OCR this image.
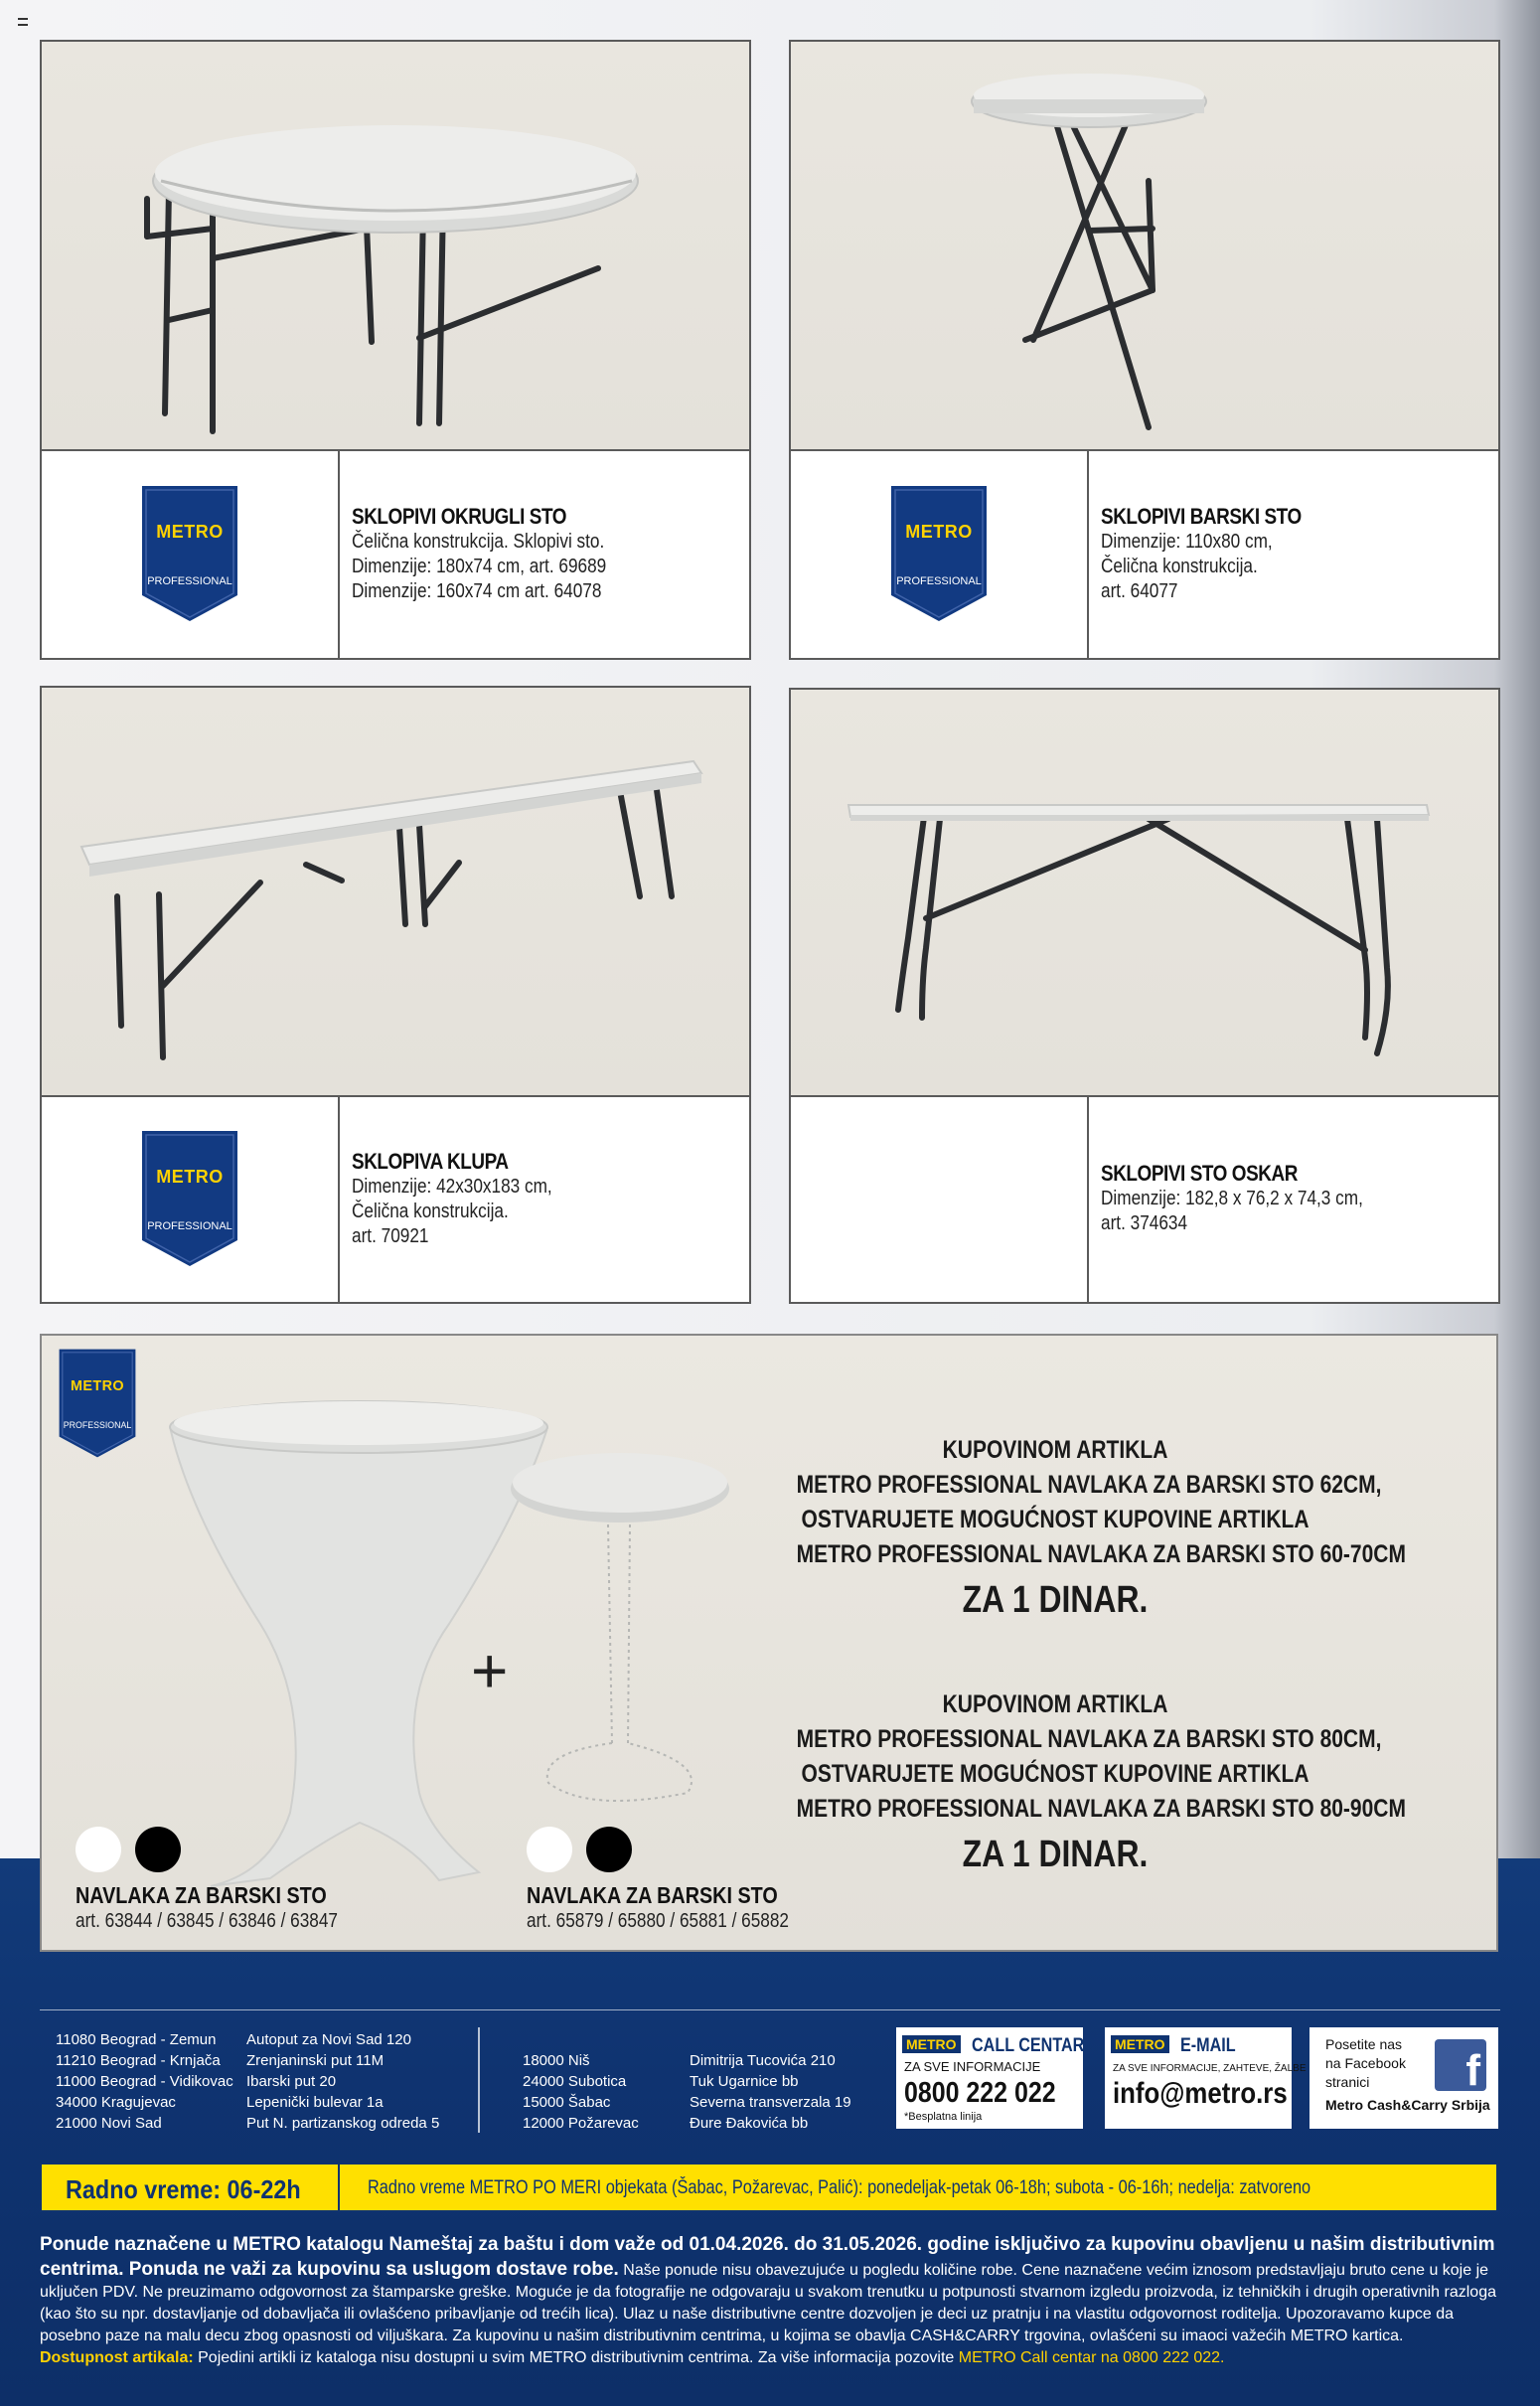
METRO
PROFESSIONAL
SKLOPIVI OKRUGLI STO
Čelična konstrukcija. Sklopivi sto.
Dimenzije: 180x74 cm, art. 69689
Dimenzije: 160x74 cm art. 64078
METRO
PROFESSIONAL
SKLOPIVI BARSKI STO
Dimenzije: 110x80 cm,
Čelična konstrukcija.
art. 64077
METRO
PROFESSIONAL
SKLOPIVA KLUPA
Dimenzije: 42x30x183 cm,
Čelična konstrukcija.
art. 70921
SKLOPIVI STO OSKAR
Dimenzije: 182,8 x 76,2 x 74,3 cm,
art. 374634
METRO
PROFESSIONAL
+
NAVLAKA ZA BARSKI STO
art. 63844 / 63845 / 63846 / 63847
NAVLAKA ZA BARSKI STO
art. 65879 / 65880 / 65881 / 65882
KUPOVINOM ARTIKLA
METRO PROFESSIONAL NAVLAKA ZA BARSKI STO 62CM,
OSTVARUJETE MOGUĆNOST KUPOVINE ARTIKLA
METRO PROFESSIONAL NAVLAKA ZA BARSKI STO 60-70CM
ZA 1 DINAR.
KUPOVINOM ARTIKLA
METRO PROFESSIONAL NAVLAKA ZA BARSKI STO 80CM,
OSTVARUJETE MOGUĆNOST KUPOVINE ARTIKLA
METRO PROFESSIONAL NAVLAKA ZA BARSKI STO 80-90CM
ZA 1 DINAR.
11080 Beograd - Zemun
11210 Beograd - Krnjača
11000 Beograd - Vidikovac
34000 Kragujevac
21000 Novi Sad
Autoput za Novi Sad 120
Zrenjaninski put 11M
Ibarski put 20
Lepenički bulevar 1a
Put N. partizanskog odreda 5
18000 Niš
24000 Subotica
15000 Šabac
12000 Požarevac
Dimitrija Tucovića 210
Tuk Ugarnice bb
Severna transverzala 19
Đure Đakovića bb
METRO CALL CENTAR
ZA SVE INFORMACIJE
0800 222 022
*Besplatna linija
METRO E-MAIL
ZA SVE INFORMACIJE, ZAHTEVE, ŽALBE
info@metro.rs
Posetite nas
na Facebook
stranici	f
Metro Cash&Carry Srbija
Radno vreme: 06-22h	Radno vreme METRO PO MERI objekata (Šabac, Požarevac, Palić): ponedeljak-petak 06-18h; subota - 06-16h; nedelja: zatvoreno
Ponude naznačene u METRO katalogu Nameštaj za baštu i dom važe od 01.04.2026. do 31.05.2026. godine isključivo za kupovinu obavljenu u našim distributivnim centrima. Ponuda ne važi za kupovinu sa uslugom dostave robe. Naše ponude nisu obavezujuće u pogledu količine robe. Cene naznačene većim iznosom predstavljaju bruto cene u koje je uključen PDV. Ne preuzimamo odgovornost za štamparske greške. Moguće je da fotografije ne odgovaraju u svakom trenutku u potpunosti stvarnom izgledu proizvoda, iz tehničkih i drugih operativnih razloga (kao što su npr. dostavljanje od dobavljača ili ovlašćeno pribavljanje od trećih lica). Ulaz u naše distributivne centre dozvoljen je deci uz pratnju i na vlastitu odgovornost roditelja. Upozoravamo kupce da posebno paze na malu decu zbog opasnosti od viljuškara. Za kupovinu u našim distributivnim centrima, u kojima se obavlja CASH&CARRY trgovina, ovlašćeni su imaoci važećih METRO kartica.
Dostupnost artikala: Pojedini artikli iz kataloga nisu dostupni u svim METRO distributivnim centrima. Za više informacija pozovite METRO Call centar na 0800 222 022.
